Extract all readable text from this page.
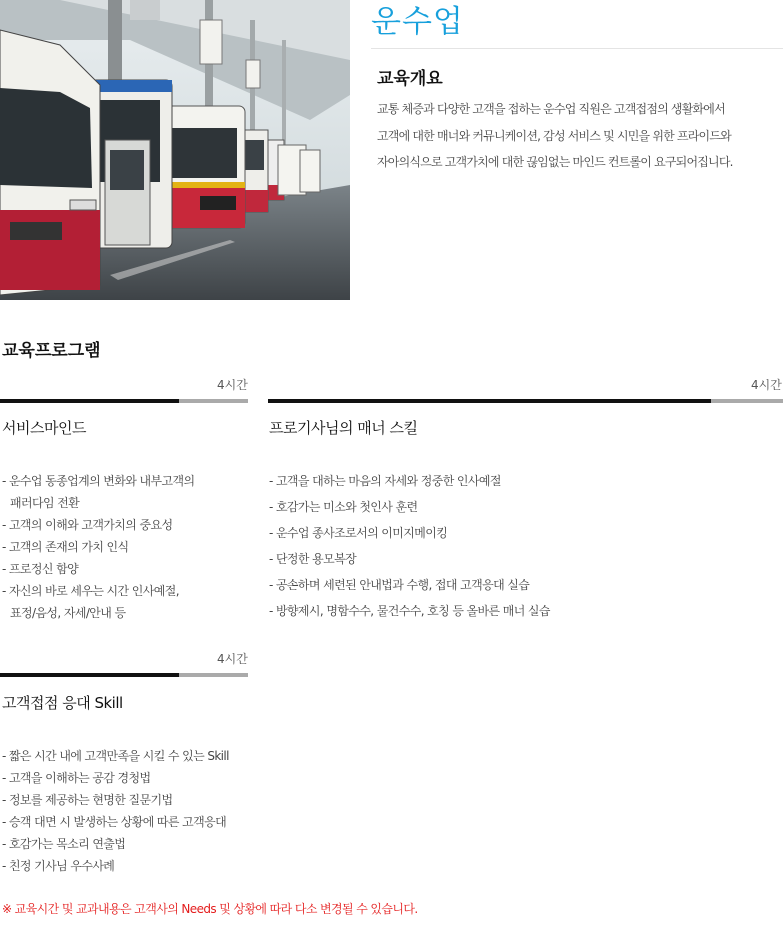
운수업
교육개요
교통 체증과 다양한 고객을 접하는 운수업 직원은 고객접점의 생활화에서
고객에 대한 매너와 커뮤니케이션, 감성 서비스 및 시민을 위한 프라이드와
자아의식으로 고객가치에 대한 끊임없는 마인드 컨트롤이 요구되어집니다.
교육프로그램
4시간
서비스마인드
- 운수업 동종업계의 변화와 내부고객의
패러다임 전환
- 고객의 이해와 고객가치의 중요성
- 고객의 존재의 가치 인식
- 프로정신 함양
- 자신의 바로 세우는 시간 인사예절,
표정/음성, 자세/안내 등
4시간
프로기사님의 매너 스킬
- 고객을 대하는 마음의 자세와 정중한 인사예절
- 호감가는 미소와 첫인사 훈련
- 운수업 종사조로서의 이미지메이킹
- 단정한 용모복장
- 공손하며 세련된 안내법과 수행, 접대 고객응대 실습
- 방향제시, 명함수수, 물건수수, 호칭 등 올바른 매너 실습
4시간
고객접점 응대 Skill
- 짧은 시간 내에 고객만족을 시킬 수 있는 Skill
- 고객을 이해하는 공감 경청법
- 정보를 제공하는 현명한 질문기법
- 승객 대면 시 발생하는 상황에 따른 고객응대
- 호감가는 목소리 연출법
- 친정 기사님 우수사례
※ 교육시간 및 교과내용은 고객사의 Needs 및 상황에 따라 다소 변경될 수 있습니다.
